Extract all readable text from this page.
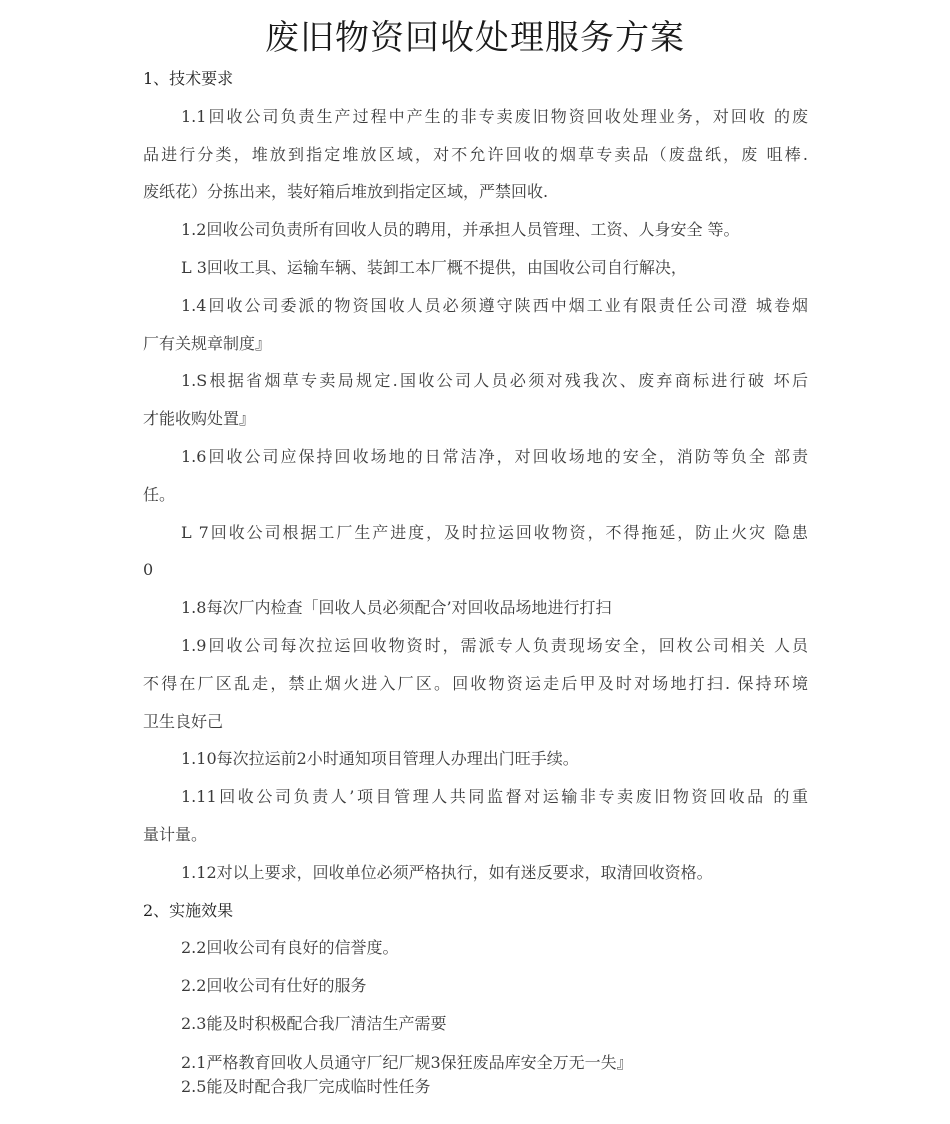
废旧物资回收处理服务方案
1、技术要求
1.1回收公司负责生产过程中产生的非专卖废旧物资回收处理业务，对回收 的废
品进行分类，堆放到指定堆放区域，对不允许回收的烟草专卖品（废盘纸，废 咀棒.
废纸花）分拣出来，装好箱后堆放到指定区域，严禁回收.
1.2回收公司负责所有回收人员的聘用，并承担人员管理、工资、人身安全 等。
L 3回收工具、运输车辆、装卸工本厂概不提供，由国收公司自行解决，
1.4回收公司委派的物资国收人员必须遵守陕西中烟工业有限责任公司澄 城卷烟
厂有关规章制度』
1.S根据省烟草专卖局规定.国收公司人员必须对残我次、废弃商标进行破 坏后
才能收购处置』
1.6回收公司应保持回收场地的日常洁净，对回收场地的安全，消防等负全 部责
任。
L 7回收公司根据工厂生产进度，及时拉运回收物资，不得拖延，防止火灾 隐患
0
1.8每次厂内检查「回收人员必须配合’对回收品场地进行打扫
1.9回收公司每次拉运回收物资时，需派专人负责现场安全，回枚公司相关 人员
不得在厂区乱走，禁止烟火进入厂区。回收物资运走后甲及时对场地打扫. 保持环境
卫生良好己
1.10每次拉运前2小时通知项目管理人办理出门旺手续。
1.11回收公司负责人’项目管理人共同监督对运输非专卖废旧物资回收品 的重
量计量。
1.12对以上要求，回收单位必须严格执行，如有迷反要求，取清回收资格。
2、实施效果
2.2回收公司有良好的信誉度。
2.2回收公司有仕好的服务
2.3能及时积极配合我厂清洁生产需要
2.1严格教育回收人员通守厂纪厂规3保狂废品库安全万无一失』
2.5能及时配合我厂完成临时性任务
